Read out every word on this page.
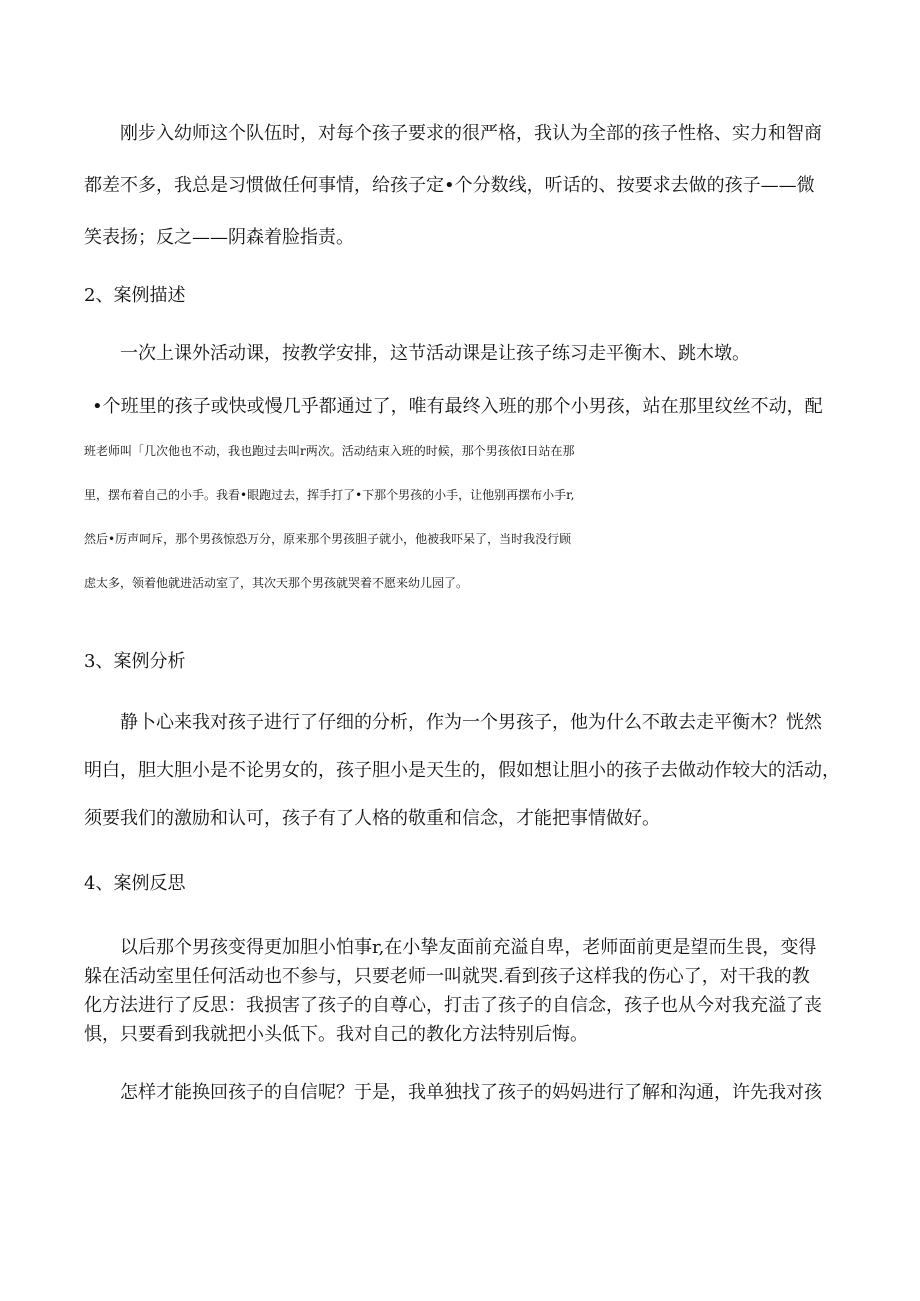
　　刚步入幼师这个队伍时，对每个孩子要求的很严格，我认为全部的孩子性格、实力和智商
都差不多，我总是习惯做任何事情，给孩子定•个分数线，听话的、按要求去做的孩子——微
笑表扬；反之——阴森着脸指责。
2、案例描述
　　一次上课外活动课，按教学安排，这节活动课是让孩子练习走平衡木、跳木墩。
•个班里的孩子或快或慢几乎都通过了，唯有最终入班的那个小男孩，站在那里纹丝不动，配
班老师叫「几次他也不动，我也跑过去叫r两次。活动结束入班的时候，那个男孩依I日站在那
里，摆布着自己的小手。我看•眼跑过去，挥手打了•下那个男孩的小手，让他别再摆布小手r,
然后•厉声呵斥，那个男孩惊恐万分，原来那个男孩胆子就小，他被我吓呆了，当时我没行顾
虑太多，领着他就进活动室了，其次天那个男孩就哭着不愿来幼儿园了。
3、案例分析
　　静卜心来我对孩子进行了仔细的分析，作为一个男孩子，他为什么不敢去走平衡木？恍然
明白，胆大胆小是不论男女的，孩子胆小是天生的，假如想让胆小的孩子去做动作较大的活动，
须要我们的激励和认可，孩子有了人格的敬重和信念，才能把事情做好。
4、案例反思
　　以后那个男孩变得更加胆小怕事r,在小挚友面前充溢自卑，老师面前更是望而生畏，变得
躲在活动室里任何活动也不参与，只要老师一叫就哭.看到孩子这样我的伤心了，对干我的教
化方法进行了反思：我损害了孩子的自尊心，打击了孩子的自信念，孩子也从今对我充溢了丧
惧，只要看到我就把小头低下。我对自己的教化方法特别后悔。
　　怎样才能换回孩子的自信呢？于是，我单独找了孩子的妈妈进行了解和沟通，许先我对孩
